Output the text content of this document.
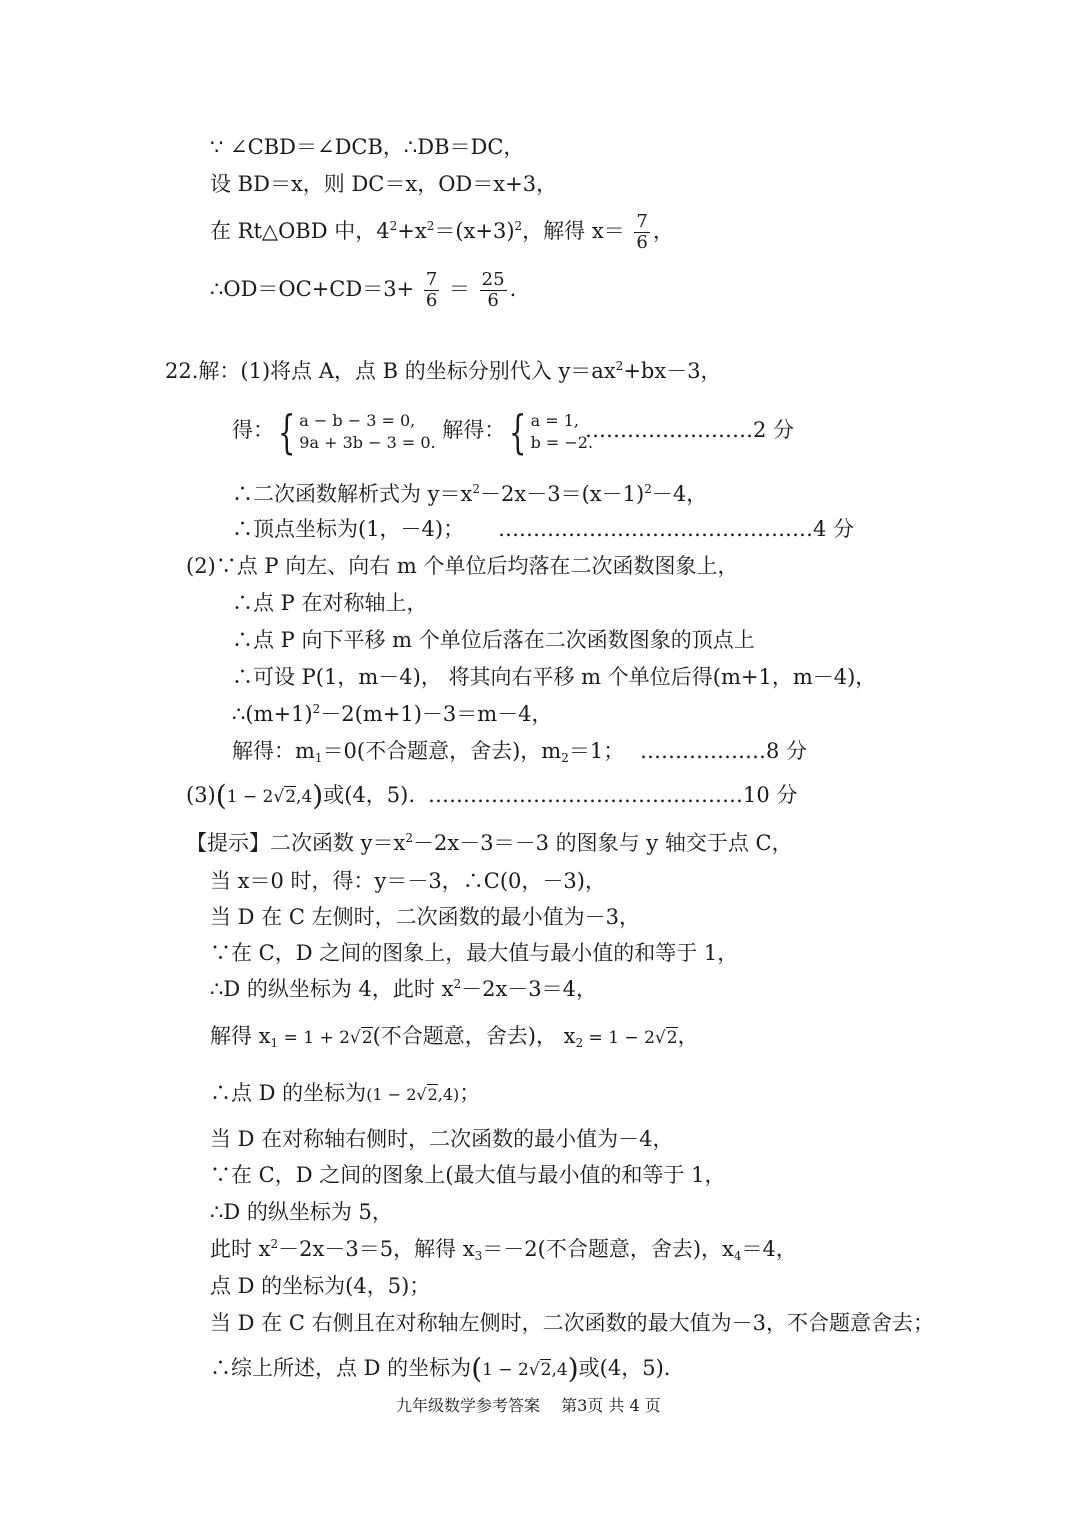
∵ ∠CBD＝∠DCB，∴DB＝DC，
设 BD＝x，则 DC＝x，OD＝x+3，
在 Rt△OBD 中，$4^2+x^2=(x+3)^2$，解得 $x= \frac{7}{6}$ ，
∴OD＝OC+CD＝3+ $\frac{7}{6} = \frac{25}{6}$ .
22.解：(1)将点 A，点 B 的坐标分别代入 $y=ax^2+bx-3$，
得：{ a − b − 3 = 0,
9a + 3b − 3 = 0. 解得：{ a = 1,
b = −2.
……………………2 分
∴二次函数解析式为 $y=x^2-2x-3=(x-1)^2-4$，
∴顶点坐标为(1，－4)； ………………………………………4 分
(2)∵点 P 向左、向右 m 个单位后均落在二次函数图象上，
∴点 P 在对称轴上，
∴点 P 向下平移 m 个单位后落在二次函数图象的顶点上
∴可设 P(1，m－4)， 将其向右平移 m 个单位后得(m+1，m－4)，
$\therefore(m+1)^2-2(m+1)-3=m-4$，
解得：$m_1=0$(不合题意，舍去)，$m_2=1$； ………………8 分
(3)(1 − 2√2,4)或(4，5). ………………………………………10 分
【提示】二次函数 $y=x^2-2x-3=-3$ 的图象与 y 轴交于点 C，
当 x＝0 时，得：y＝－3，∴C(0，－3)，
当 D 在 C 左侧时，二次函数的最小值为－3，
∵在 C，D 之间的图象上，最大值与最小值的和等于 1，
∴D 的纵坐标为 4，此时 $x^2-2x-3=4$，
解得 $x_1 = 1 + 2√2$(不合题意，舍去)， $x_2 = 1 - 2√2$，
∴点 D 的坐标为(1 − 2√2,4)；
当 D 在对称轴右侧时，二次函数的最小值为－4，
∵在 C，D 之间的图象上(最大值与最小值的和等于 1，
∴D 的纵坐标为 5，
此时 $x^2-2x-3=5$，解得 $x_3=-2$(不合题意，舍去)，$x_4=4$，
点 D 的坐标为(4，5)；
当 D 在 C 右侧且在对称轴左侧时，二次函数的最大值为－3，不合题意舍去；
∴综上所述，点 D 的坐标为(1 − 2√2,4)或(4，5).
九年级数学参考答案　 第3页 共 4 页
